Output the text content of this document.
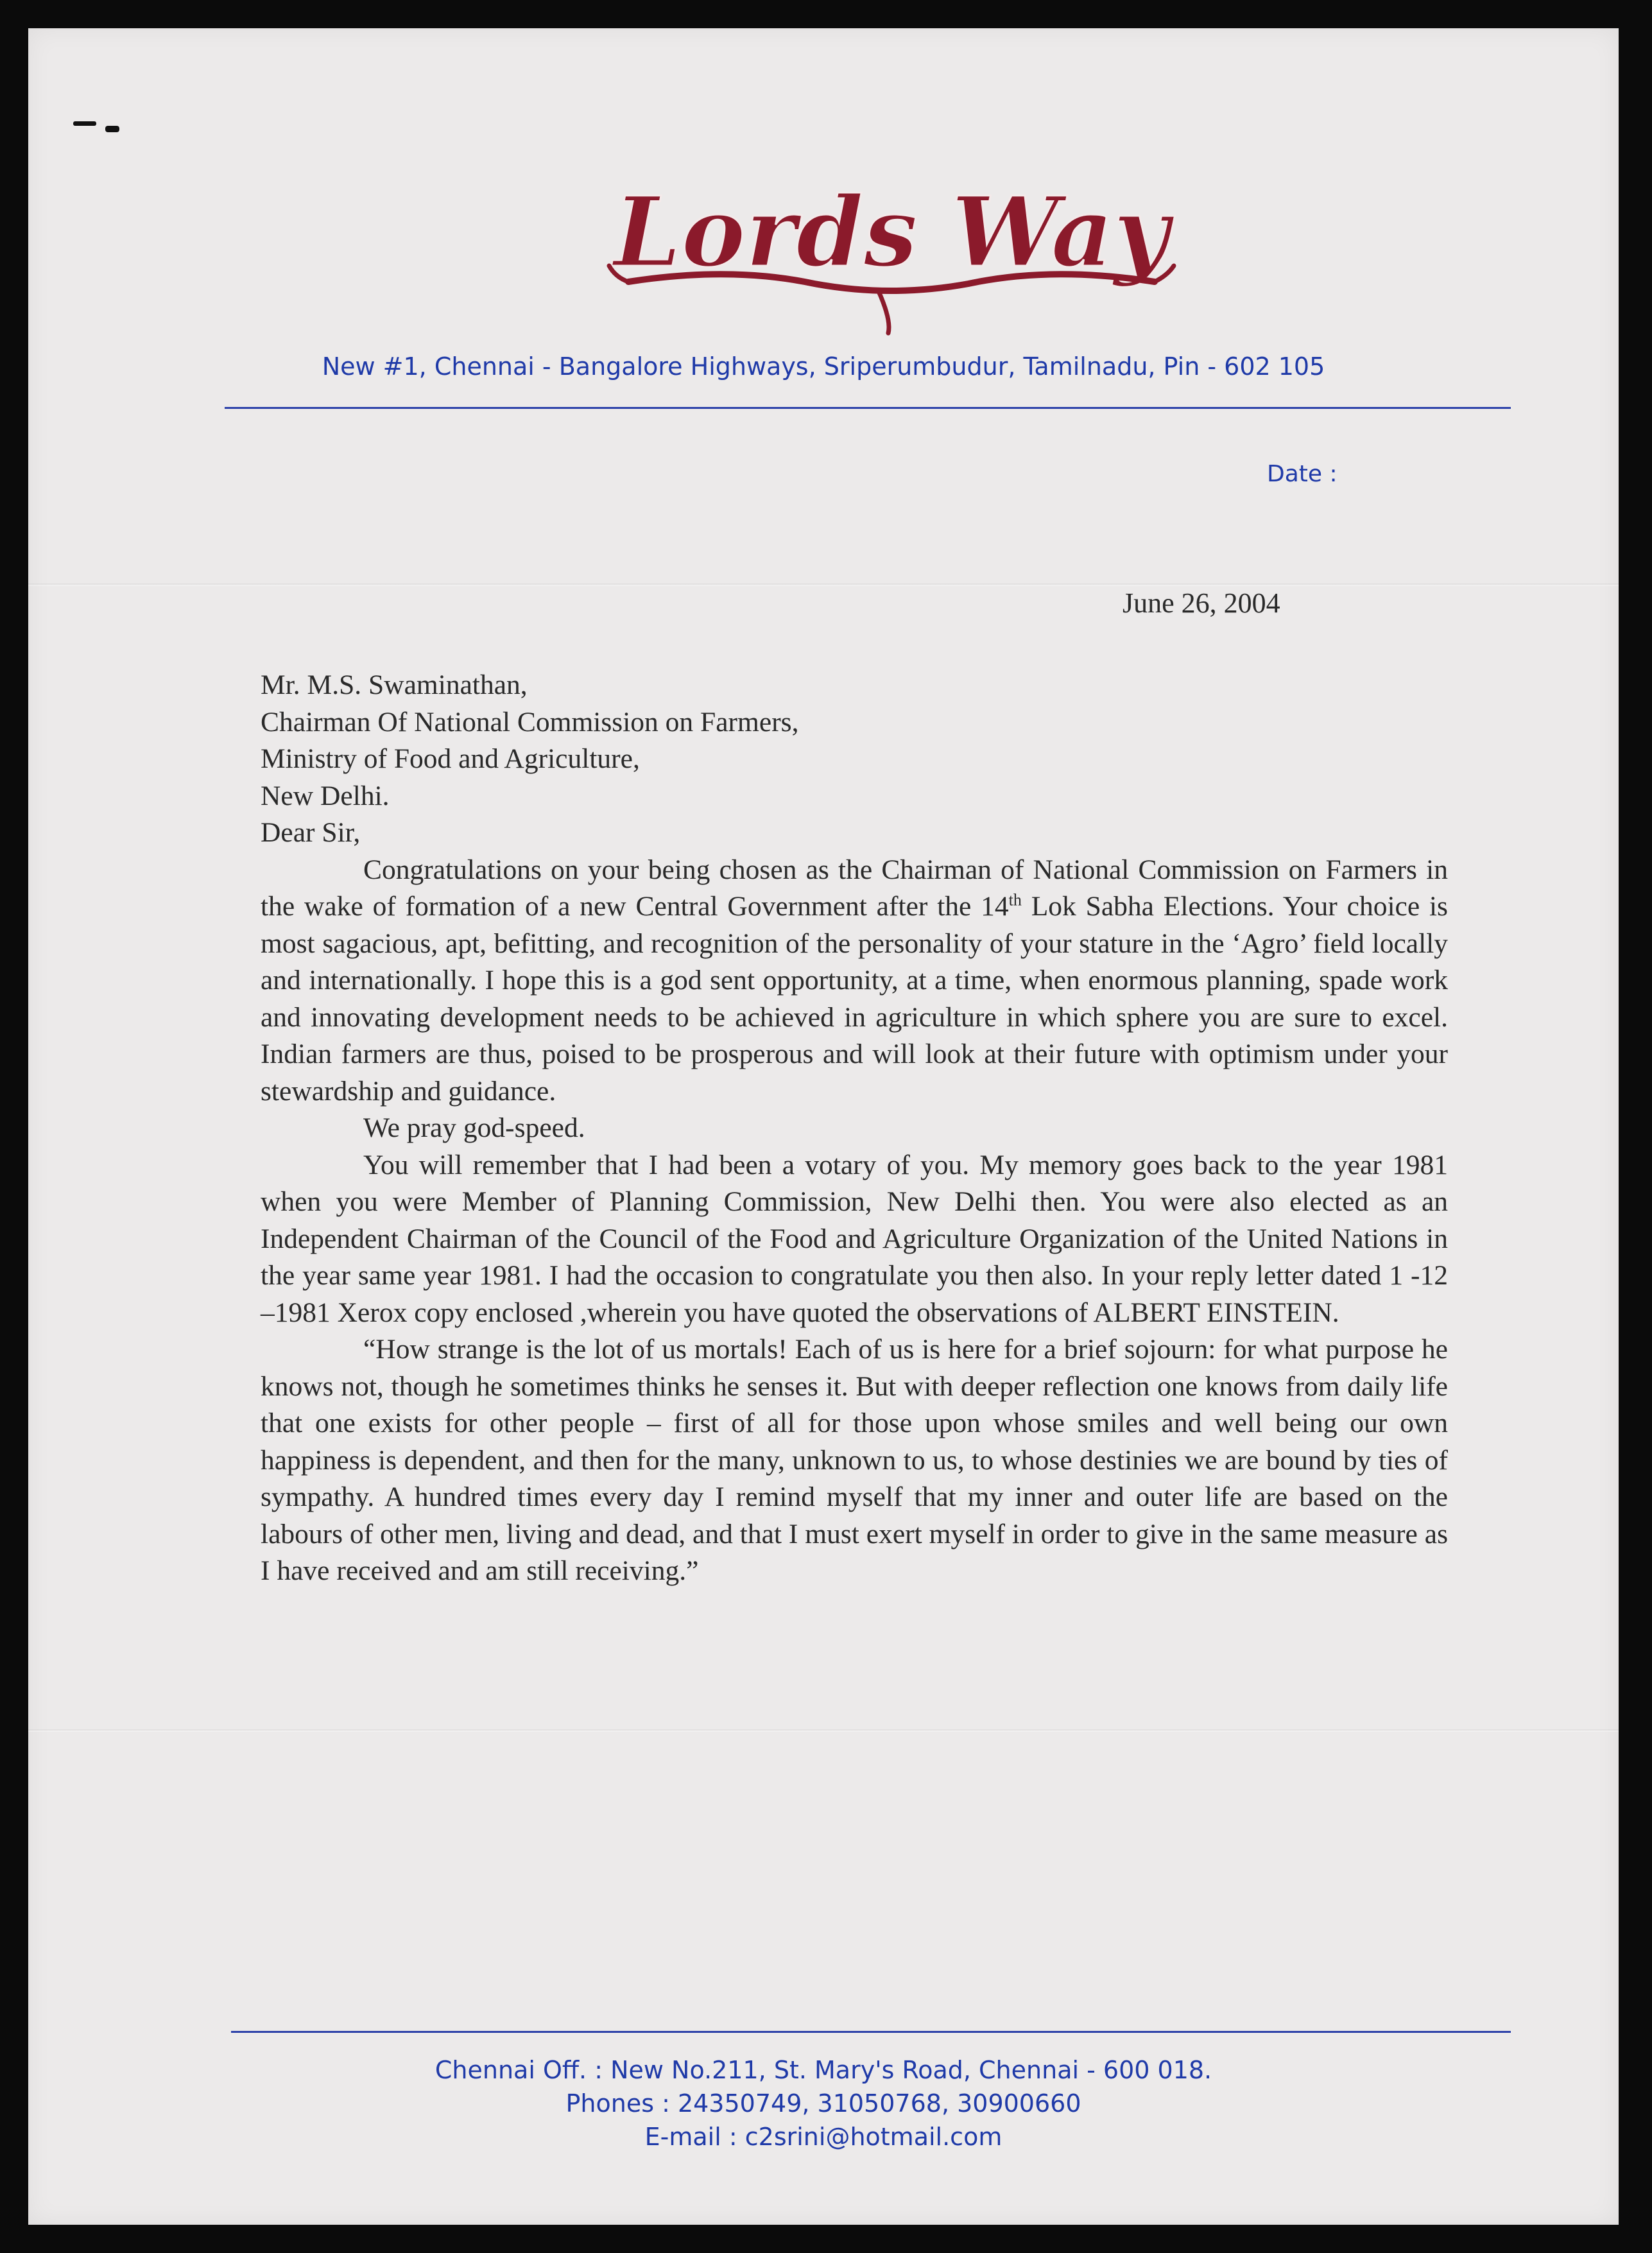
Lords Way
New #1, Chennai - Bangalore Highways, Sriperumbudur, Tamilnadu, Pin - 602 105
Date :
June 26, 2004

Mr. M.S. Swaminathan,

Chairman Of National Commission on Farmers,

Ministry of Food and Agriculture,

New Delhi.

Dear Sir,

Congratulations on your being chosen as the Chairman of National Commission on Farmers in the wake of formation of a new Central Government after the 14th Lok Sabha Elections. Your choice is most sagacious, apt, befitting, and recognition of the personality of your stature in the ‘Agro’ field locally and internationally. I hope this is a god sent opportunity, at a time, when enormous planning, spade work and innovating development needs to be achieved in agriculture in which sphere you are sure to excel. Indian farmers are thus, poised to be prosperous and will look at their future with optimism under your stewardship and guidance.

We pray god-speed.

You will remember that I had been a votary of you. My memory goes back to the year 1981 when you were Member of Planning Commission, New Delhi then. You were also elected as an Independent Chairman of the Council of the Food and Agriculture Organization of the United Nations in the year same year 1981. I had the occasion to congratulate you then also. In your reply letter dated 1 -12 –1981 Xerox copy enclosed ,wherein you have quoted the observations of ALBERT EINSTEIN.

“How strange is the lot of us mortals! Each of us is here for a brief sojourn: for what purpose he knows not, though he sometimes thinks he senses it. But with deeper reflection one knows from daily life that one exists for other people – first of all for those upon whose smiles and well being our own happiness is dependent, and then for the many, unknown to us, to whose destinies we are bound by ties of sympathy. A hundred times every day I remind myself that my inner and outer life are based on the labours of other men, living and dead, and that I must exert myself in order to give in the same measure as I have received and am still receiving.”

Chennai Off. : New No.211, St. Mary's Road, Chennai - 600 018.
Phones : 24350749, 31050768, 30900660
E-mail : c2srini@hotmail.com
